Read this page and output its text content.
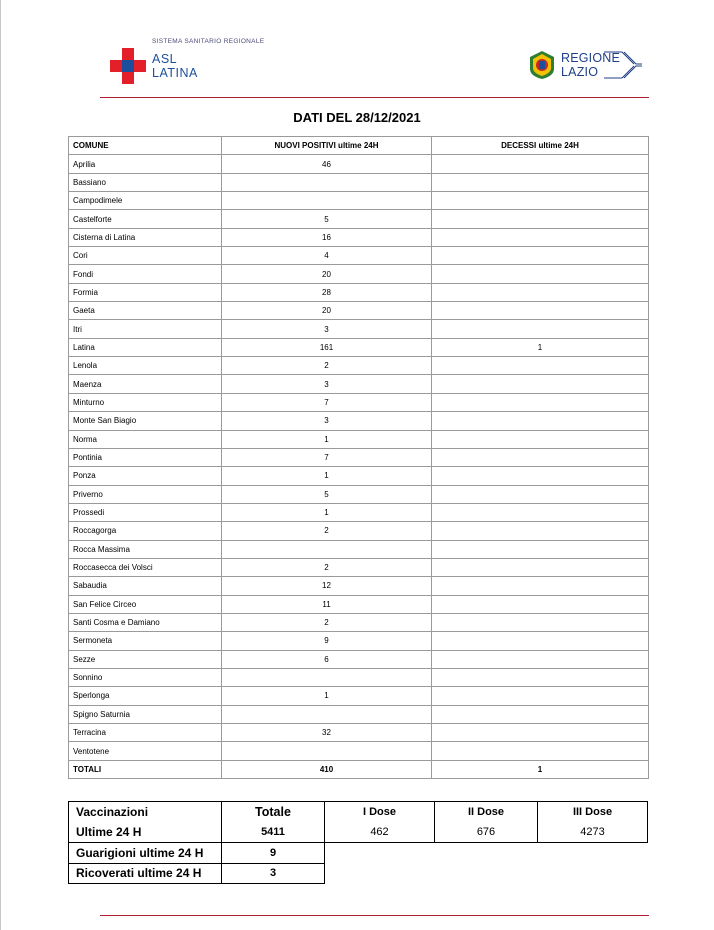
SISTEMA SANITARIO REGIONALE
ASL
LATINA
REGIONE
LAZIO
DATI DEL 28/12/2021
COMUNE	NUOVI POSITIVI ultime 24H	DECESSI ultime 24H
Aprilia	46	
Bassiano		
Campodimele		
Castelforte	5	
Cisterna di Latina	16	
Cori	4	
Fondi	20	
Formia	28	
Gaeta	20	
Itri	3	
Latina	161	1
Lenola	2	
Maenza	3	
Minturno	7	
Monte San Biagio	3	
Norma	1	
Pontinia	7	
Ponza	1	
Priverno	5	
Prossedi	1	
Roccagorga	2	
Rocca Massima		
Roccasecca dei Volsci	2	
Sabaudia	12	
San Felice Circeo	11	
Santi Cosma e Damiano	2	
Sermoneta	9	
Sezze	6	
Sonnino		
Sperlonga	1	
Spigno Saturnia		
Terracina	32	
Ventotene		
TOTALI	410	1
Vaccinazioni	Totale	I Dose	II Dose	III Dose
Ultime 24 H	5411	462	676	4273
Guarigioni ultime 24 H	9			
Ricoverati ultime 24 H	3			
